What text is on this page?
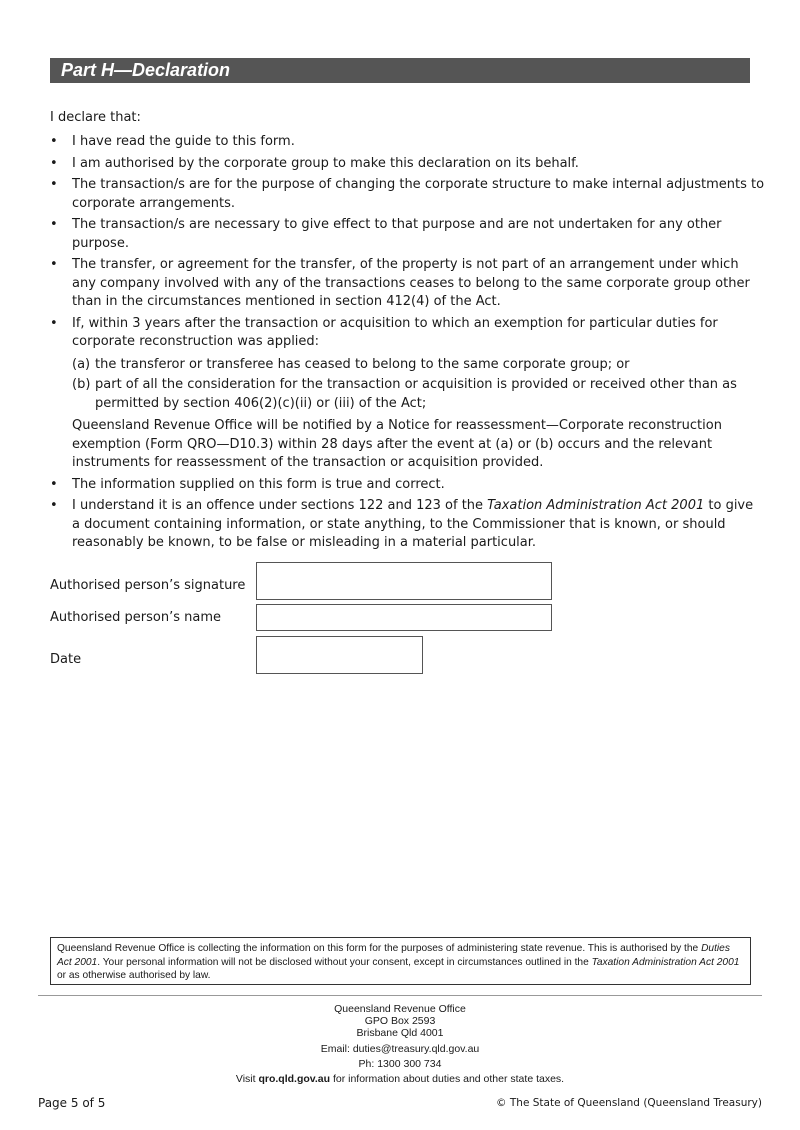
Part H—Declaration
I declare that:
• I have read the guide to this form.
• I am authorised by the corporate group to make this declaration on its behalf.
• The transaction/s are for the purpose of changing the corporate structure to make internal adjustments to corporate arrangements.
• The transaction/s are necessary to give effect to that purpose and are not undertaken for any other purpose.
• The transfer, or agreement for the transfer, of the property is not part of an arrangement under which any company involved with any of the transactions ceases to belong to the same corporate group other than in the circumstances mentioned in section 412(4) of the Act.
• If, within 3 years after the transaction or acquisition to which an exemption for particular duties for corporate reconstruction was applied:
(a) the transferor or transferee has ceased to belong to the same corporate group; or
(b) part of all the consideration for the transaction or acquisition is provided or received other than as permitted by section 406(2)(c)(ii) or (iii) of the Act;
Queensland Revenue Office will be notified by a Notice for reassessment—Corporate reconstruction exemption (Form QRO—D10.3) within 28 days after the event at (a) or (b) occurs and the relevant instruments for reassessment of the transaction or acquisition provided.
• The information supplied on this form is true and correct.
• I understand it is an offence under sections 122 and 123 of the Taxation Administration Act 2001 to give a document containing information, or state anything, to the Commissioner that is known, or should reasonably be known, to be false or misleading in a material particular.
Authorised person’s signature
Authorised person’s name
Date
Queensland Revenue Office is collecting the information on this form for the purposes of administering state revenue. This is authorised by the Duties Act 2001. Your personal information will not be disclosed without your consent, except in circumstances outlined in the Taxation Administration Act 2001 or as otherwise authorised by law.
Queensland Revenue Office
GPO Box 2593
Brisbane Qld 4001
Email: duties@treasury.qld.gov.au
Ph: 1300 300 734
Visit qro.qld.gov.au for information about duties and other state taxes.
Page 5 of 5	© The State of Queensland (Queensland Treasury)
